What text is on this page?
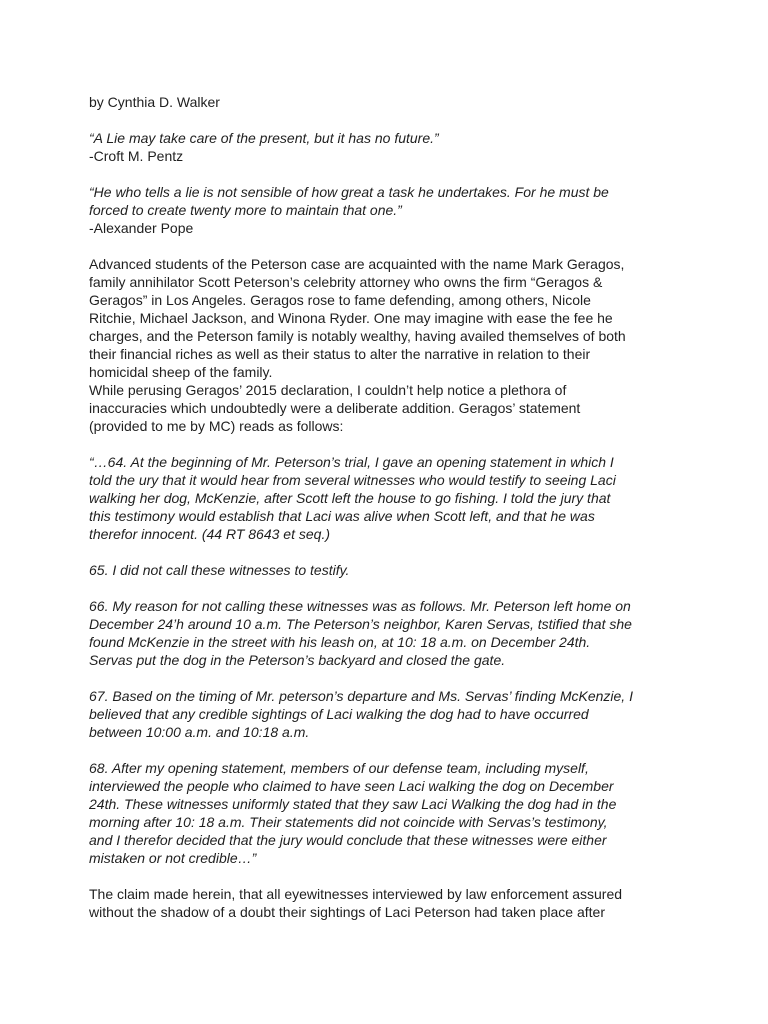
by Cynthia D. Walker

“A Lie may take care of the present, but it has no future.”
-Croft M. Pentz

“He who tells a lie is not sensible of how great a task he undertakes. For he must be
forced to create twenty more to maintain that one.”
-Alexander Pope

Advanced students of the Peterson case are acquainted with the name Mark Geragos,
family annihilator Scott Peterson’s celebrity attorney who owns the firm “Geragos &
Geragos” in Los Angeles. Geragos rose to fame defending, among others, Nicole
Ritchie, Michael Jackson, and Winona Ryder. One may imagine with ease the fee he
charges, and the Peterson family is notably wealthy, having availed themselves of both
their financial riches as well as their status to alter the narrative in relation to their
homicidal sheep of the family.

While perusing Geragos’ 2015 declaration, I couldn’t help notice a plethora of
inaccuracies which undoubtedly were a deliberate addition. Geragos’ statement
(provided to me by MC) reads as follows:

“…64. At the beginning of Mr. Peterson’s trial, I gave an opening statement in which I
told the ury that it would hear from several witnesses who would testify to seeing Laci
walking her dog, McKenzie, after Scott left the house to go fishing. I told the jury that
this testimony would establish that Laci was alive when Scott left, and that he was
therefor innocent. (44 RT 8643 et seq.)

65. I did not call these witnesses to testify.

66. My reason for not calling these witnesses was as follows. Mr. Peterson left home on
December 24’h around 10 a.m. The Peterson’s neighbor, Karen Servas, tstified that she
found McKenzie in the street with his leash on, at 10: 18 a.m. on December 24th.
Servas put the dog in the Peterson’s backyard and closed the gate.

67. Based on the timing of Mr. peterson’s departure and Ms. Servas’ finding McKenzie, I
believed that any credible sightings of Laci walking the dog had to have occurred
between 10:00 a.m. and 10:18 a.m.

68. After my opening statement, members of our defense team, including myself,
interviewed the people who claimed to have seen Laci walking the dog on December
24th. These witnesses uniformly stated that they saw Laci Walking the dog had in the
morning after 10: 18 a.m. Their statements did not coincide with Servas’s testimony,
and I therefor decided that the jury would conclude that these witnesses were either
mistaken or not credible…”

The claim made herein, that all eyewitnesses interviewed by law enforcement assured
without the shadow of a doubt their sightings of Laci Peterson had taken place after
